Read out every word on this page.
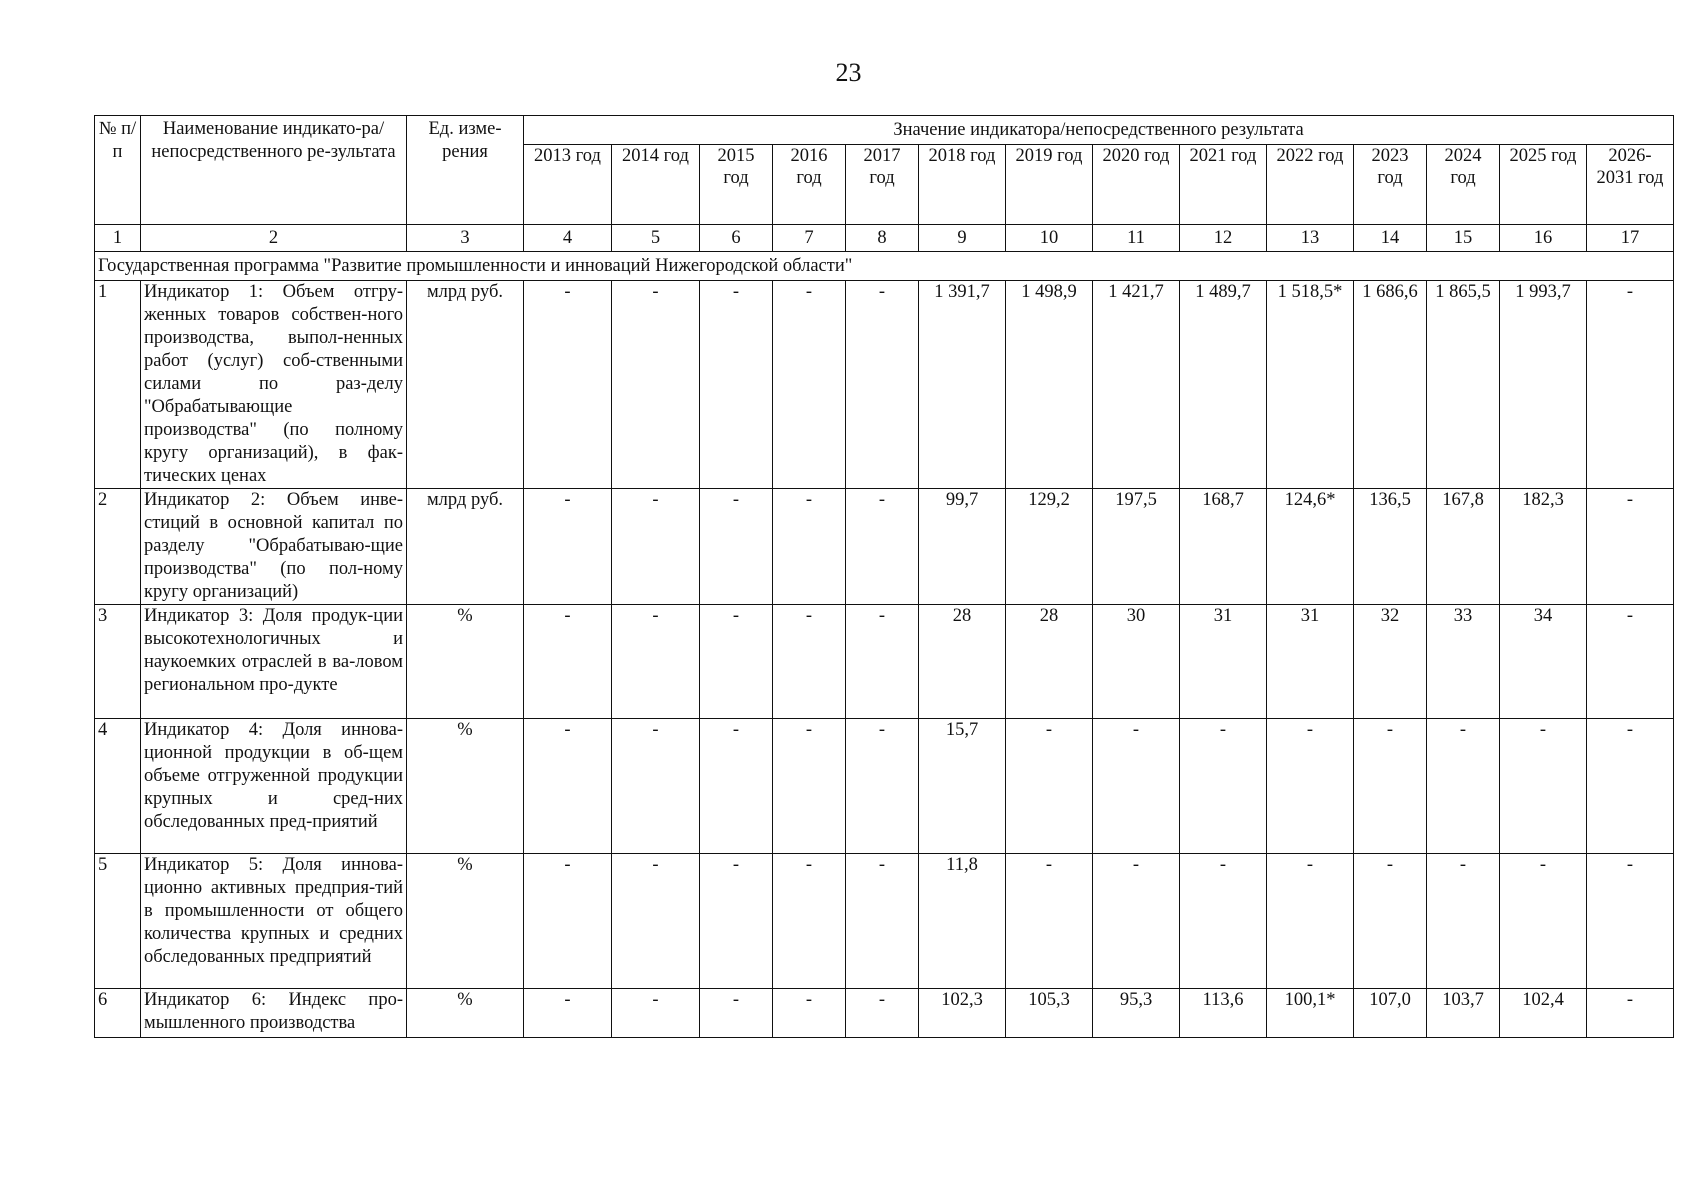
23
№ п/п	Наименование индикато-ра/непосредственного ре-зультата	Ед. изме-рения	Значение индикатора/непосредственного результата													
			2013 год	2014 год	2015 год	2016 год	2017 год	2018 год	2019 год	2020 год	2021 год	2022 год	2023 год	2024 год	2025 год	2026-2031 год
1	2	3	4	5	6	7	8	9	10	11	12	13	14	15	16	17
Государственная программа "Развитие промышленности и инноваций Нижегородской области"																
1	Индикатор 1: Объем отгру-женных товаров собствен-ного производства, выпол-ненных работ (услуг) соб-ственными силами по раз-делу "Обрабатывающие производства" (по полному кругу организаций), в фак-тических ценах	млрд руб.	-	-	-	-	-	1 391,7	1 498,9	1 421,7	1 489,7	1 518,5*	1 686,6	1 865,5	1 993,7	-
2	Индикатор 2: Объем инве-стиций в основной капитал по разделу "Обрабатываю-щие производства" (по пол-ному кругу организаций)	млрд руб.	-	-	-	-	-	99,7	129,2	197,5	168,7	124,6*	136,5	167,8	182,3	-
3	Индикатор 3: Доля продук-ции высокотехнологичных и наукоемких отраслей в ва-ловом региональном про-дукте	%	-	-	-	-	-	28	28	30	31	31	32	33	34	-
4	Индикатор 4: Доля иннова-ционной продукции в об-щем объеме отгруженной продукции крупных и сред-них обследованных пред-приятий	%	-	-	-	-	-	15,7	-	-	-	-	-	-	-	-
5	Индикатор 5: Доля иннова-ционно активных предприя-тий в промышленности от общего количества крупных и средних обследованных предприятий	%	-	-	-	-	-	11,8	-	-	-	-	-	-	-	-
6	Индикатор 6: Индекс про-мышленного производства	%	-	-	-	-	-	102,3	105,3	95,3	113,6	100,1*	107,0	103,7	102,4	-
